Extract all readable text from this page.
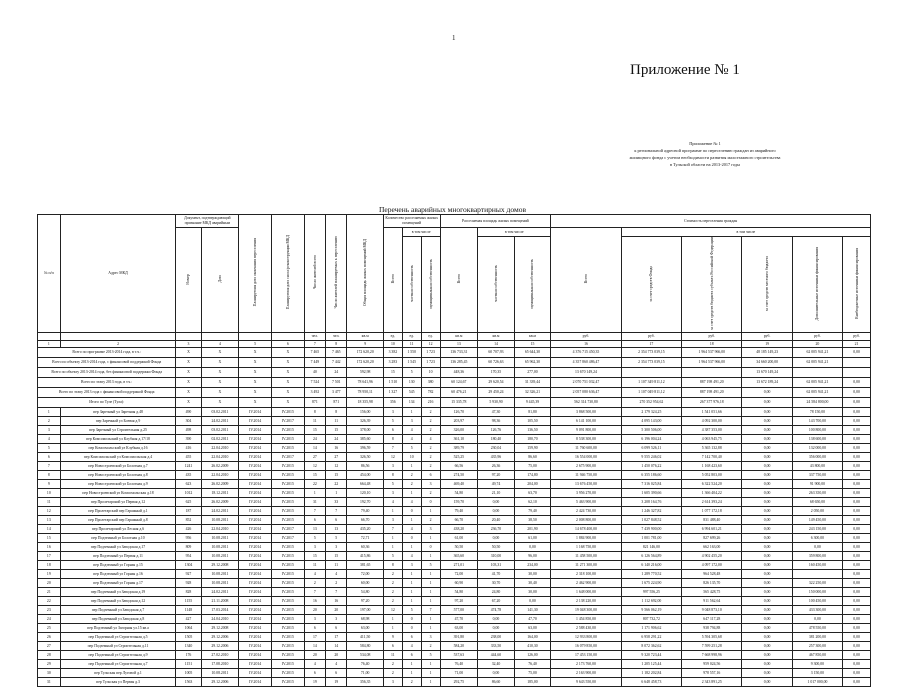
1
Приложение № 1
Приложение № 1
к региональной адресной программе по переселению граждан из аварийного
жилищного фонда с учетом необходимости развития малоэтажного строительства
в Тульской области на 2013-2017 годы
Перечень аварийных многоквартирных домов
№ п/п	Адрес МКД	Документ, подтверждающий признание МКД аварийным		Планируемая дата окончания переселения	Планируемая дата сноса/реконструкции МКД	Число жителей всего	Число жителей планируемых к переселению	Общая площадь жилых помещений МКД	Количество расселяемых жилых помещений			Расселяемая площадь жилых помещений			Стоимость переселения граждан					
		Номер	Дата						Всего	в том числе		Всего	в том числе		Всего	в том числе				
										частная собственность	муниципальная собственность		частная собственность	муниципальная собственность		за счет средств Фонда	за счет средств бюджета субъекта Российской Федерации	за счет средств местного бюджета	Дополнительные источники финансирования	Внебюджетные источники финансирования
						чел.	чел.	кв.м	ед.	ед.	ед.	кв.м	кв.м	кв.м	руб.	руб.	руб.	руб.	руб.	руб.
1	2	3	4	5	6	7	8	9	10	11	12	13	14	15	16	17	18	19	20	21
Всего по программе 2013-2014 года, в т.ч.:		Х	X	Х	Х	7 465	7 465	172 620,20	3 382	1 550	1 723	136 733,31	60 707,93	65 644,30	4 376 715 450,35	2 354 773 039,15	1 964 537 966,00	48 185 149,23	62 005 941,21	0,00
Всего по объекту 2013-2014 года, с финансовой поддержкой Фонда		Х	X	Х	Х	7 449	7 442	172 620,20	3 283	1 545	1 723	136 285,45	60 726,63	65 962,30	4 357 860 486,47	2 354 773 039,15	1 964 537 966,00	34 660 200,00	62 005 941,21	
Всего по объекту 2013-2014 года, без финансовой поддержки Фонда		Х	X	Х	Х	40	24	592,98	15	5	10	448,36	170,35	277,00	13 670 149,24			13 670 149,24		
Всего по этапу 2013 года, в т.ч.:		Х	X	Х	Х	7 524	7 501	78 641,96	1 510	130	380	60 124,67	29 620,54	31 339,44	2 070 751 032,47	1 107 349 811,12	887 198 491,20	13 672 189,24	62 005 941,21	0,00
Всего по этапу 2013 года с финансовой поддержкой Фонда		Х	X	Х	Х	3 492	3 477	78 950,11	1 327	545	782	60 476,21	29 450,24	32 326,21	2 057 080 636,47	1 107 049 811,12	887 198 491,20	0,00	62 005 941,21	0,00
Итого по Туле (Тула):		Х	X	Х	Х	871	871	18 355,98	356	134	216	15 335,78	5 930,90	9 445,39	562 314 730,80	270 352 954,62	267 377 976,18	0,00	24 584 800,00	0,00
1	пер Заречный ул Заречная д.48	490	03.02.2011	IV.2014	IV.2015	8	8	156,00	3	1	2	126,70	47,30	81,80	3 868 500,00	2 179 324,25	1 541 051,66	0,00	78 150,00	0,00
2	пер Заречный ул Боевая д.9	304	24.02.2011	IV.2014	IV.2017	11	11	326,39	5	3	2	203,97	98,36	105,50	6 141 100,00	4 095 143,00	4 092 300,00	0,00	143 700,00	0,00
3	пер Заречный ул Строительная д.25	498	03.02.2011	IV.2014	IV.2015	15	15	378,00	6	4	2	326,00	126,76	136,50	9 091 800,00	5 300 506,00	4 387 353,00	0,00	100 800,00	0,00
4	пер Комсомольский ул Клубная д.17/18	390	02.02.2011	IV.2014	IV.2015	24	24	385,60	8	4	4	361,10	180,40	180,70	8 538 300,00	6 196 004,24	4 063 945,75	0,00	138 600,00	0,00
5	пер Комсомольский ул Клубная д.16	416	22.04.2010	IV.2014	IV.2015	14	16	396,59	7	5	2	389,79	230,04	159,90	11 760 600,00	6 099 526,11	5 365 132,88	0,00	132 000,00	0,00
6	пер Комсомольский ул Комсомольская д.4	455	22.04.2010	IV.2014	IV.2017	27	27	326,50	12	10	2	525,25	435,96	86,60	16 554 000,00	9 555 246,02	7 142 700,40	0,00	356 000,00	0,00
7	пер Новостроевский ул Болотная д.7	1241	26.02.2009	IV.2014	IV.2015	12	12	86,56	3	1	2	66,56	26,36	75,00	2 675 900,00	1 450 076,22	1 168 423,60	0,00	43 800,00	0,00
8	пер Новостроевский ул Болотная д.8	435	22.04.2010	IV.2014	IV.2015	15	15	454,00	8	2	6	274,50	97,20	174,80	11 946 750,00	6 355 186,60	5 052 803,00	0,00	337 750,00	0,00
9	пер Новостроевский ул Болотная д.9	623	26.02.2009	IV.2014	IV.2015	22	22	664,48	5	2	3	469,40	49,74	204,00	13 676 450,00	7 316 025,84	6 322 524,20	0,00	91 900,00	0,00
10	пер Новостроевский ул Комсомольская д.18	1012	18.12.2011	IV.2014	IV.2015	1	1	120,10	3	1	2	54,80	21,10	63,70	3 956 270,00	1 605 390,66	1 366 404,22	0,00	263 350,00	0,00
11	пер Пролетарский ул Первая д.12	625	26.02.2009	IV.2014	IV.2015	31	33	192,70	4	4	0	159,70	0,00	62,10	5 463 900,00	3 208 164,76	2 614 393,24	0,00	68 650,00	0,00
12	пер Пролетарский пер Гаражный д.1	187	24.02.2011	IV.2014	IV.2015	7	7	79,40	1	0	1	79,40	0,00	79,40	2 424 730,00	1 246 327,82	1 077 172,18	0,00	2 050,00	0,00
13	пер Пролетарский пер Гаражный д.8	852	10.08.2011	IV.2014	IV.2015	6	6	66,70	3	1	2	66,70	20,40	38,50	2 008 800,00	1 027 848,52	831 488,40	0,00	149 450,00	0,00
14	пер Пролетарский ул Лесная д.6	426	22.04.2010	IV.2014	IV.2017	13	13	435,20	7	4	3	438,20	236,70	201,90	14 678 400,00	7 439 900,00	6 994 601,21	0,00	243 150,00	0,00
15	пер Подземный ул Болотная д.10	956	10.08.2011	IV.2014	IV.2017	5	5	72,71	1	0	1	61,00	0,00	61,00	1 884 900,00	1 001 781,00	827 699,26	0,00	6 300,00	0,00
16	пер Подземный ул Заводская д.17	809	10.08.2011	IV.2014	IV.2015	3	3	60,36	1	1	0	50,50	50,50	0,00	1 168 750,00	821 146,00	662 163,00	0,00	0,00	0,00
17	пер Подземный ул Первая д.11	954	10.08.2011	IV.2014	IV.2015	15	15	415,86	5	4	1	365,60	310,00	96,00	11 458 500,00	6 126 564,89	4 902 455,20	0,00	359 800,00	0,00
18	пер Подземный ул Горная д.15	1304	29.12.2008	IV.2014	IV.2015	11	11	381,65	8	3	5	271,01	103,31	234,00	11 271 300,00	6 140 216,00	4 097 172,00	0,00	160 450,00	0,00
19	пер Подземный ул Горная д.16	927	10.08.2011	IV.2014	IV.2015	4	4	72,00	2	1	1	72,00	41,70	30,00	2 318 100,00	1 289 770,52	964 528,48	0,00		0,00
20	пер Подземный ул Горная д.17	928	10.08.2011	IV.2014	IV.2015	2	2	60,00	2	1	1	60,90	30,70	30,40	2 462 900,00	1 675 224,90	826 135,70	0,00	322 250,00	0,00
21	пер Подземный ул Заводская д.19	828	24.02.2011	IV.2014	IV.2015	7	7	54,80	2	1	1	54,80	24,80	30,00	1 648 000,00	997 556,25	565 428,75	0,00	150 000,00	0,00
22	пер Подземный ул Заводская д.12	1155	21.11.2008	IV.2014	IV.2015	16	16	97,20	2	1	1	97,20	67,20	0,00	2 138 220,00	1 112 692,00	911 562,64	0,00	100 450,00	0,00
23	пер Подземный ул Заводская д.7	1148	17.03.2014	IV.2014	IV.2015	20	20	197,00	12	5	7	577,00	474,78	141,30	19 048 300,00	9 566 062,19	9 048 873,10	0,00	433 300,00	0,00
24	пер Подземный ул Заводская д.8	427	24.04.2010	IV.2014	IV.2015	3	3	68,98	1	0	1	47,70	0,00	47,70	1 454 850,00	807 732,72	647 117,28	0,00	0,00	0,00
25	пер Подземный ул Загорная ул.15 кв.а	1064	29.12.2008	IV.2014	IV.2015	6	6	63,00	1	0	1	63,00	0,00	63,00	2 588 430,00	1 171 906,62	938 794,88	0,00	478 550,00	0,00
26	пер Подземный ул Строительная д.5	1505	29.12.2006	IV.2014	IV.2015	17	17	411,50	9	6	3	391,80	238,00	164,00	12 933 800,00	6 958 291,22	5 594 305,68	0,00	381 200,00	0,00
27	пер Подземный ул Строительная д.11	1340	29.12.2006	IV.2014	IV.2015	14	14	584,80	6	4	2	584,20	333,50	410,30	16 079 850,00	8 072 362,62	7 599 251,28	0,00	257 300,00	0,00
28	пер Подземный ул Строительная д.9	176	27.02.2010	IV.2014	IV.2015	20	20	534,08	11	6	5	537,63	444,60	126,00	17 453 150,00	9 320 723,44	7 668 998,96	0,00	467 850,00	0,00
29	пер Подземный ул Строительная д.7	1151	17.08.2010	IV.2014	IV.2015	4	4	76,40	2	1	1	76,40	32,40	76,40	2 173 760,00	1 205 125,44	959 024,56	0,00	9 300,00	0,00
30	пер Тульская пер Луговой д.1	1005	10.08.2011	IV.2014	IV.2015	6	6	71,00	2	1	1	71,00	0,00	75,00	2 163 900,00	1 182 202,84	978 557,16	0,00	3 150,00	0,00
31	пер Тульская ул Первая д.3	1563	29.12.2006	IV.2014	IV.2015	19	19	356,35	3	2	1	292,75	86,60	185,00	9 643 550,00	6 648 458,73	2 343 891,25	0,00	1 017 000,00	0,00
